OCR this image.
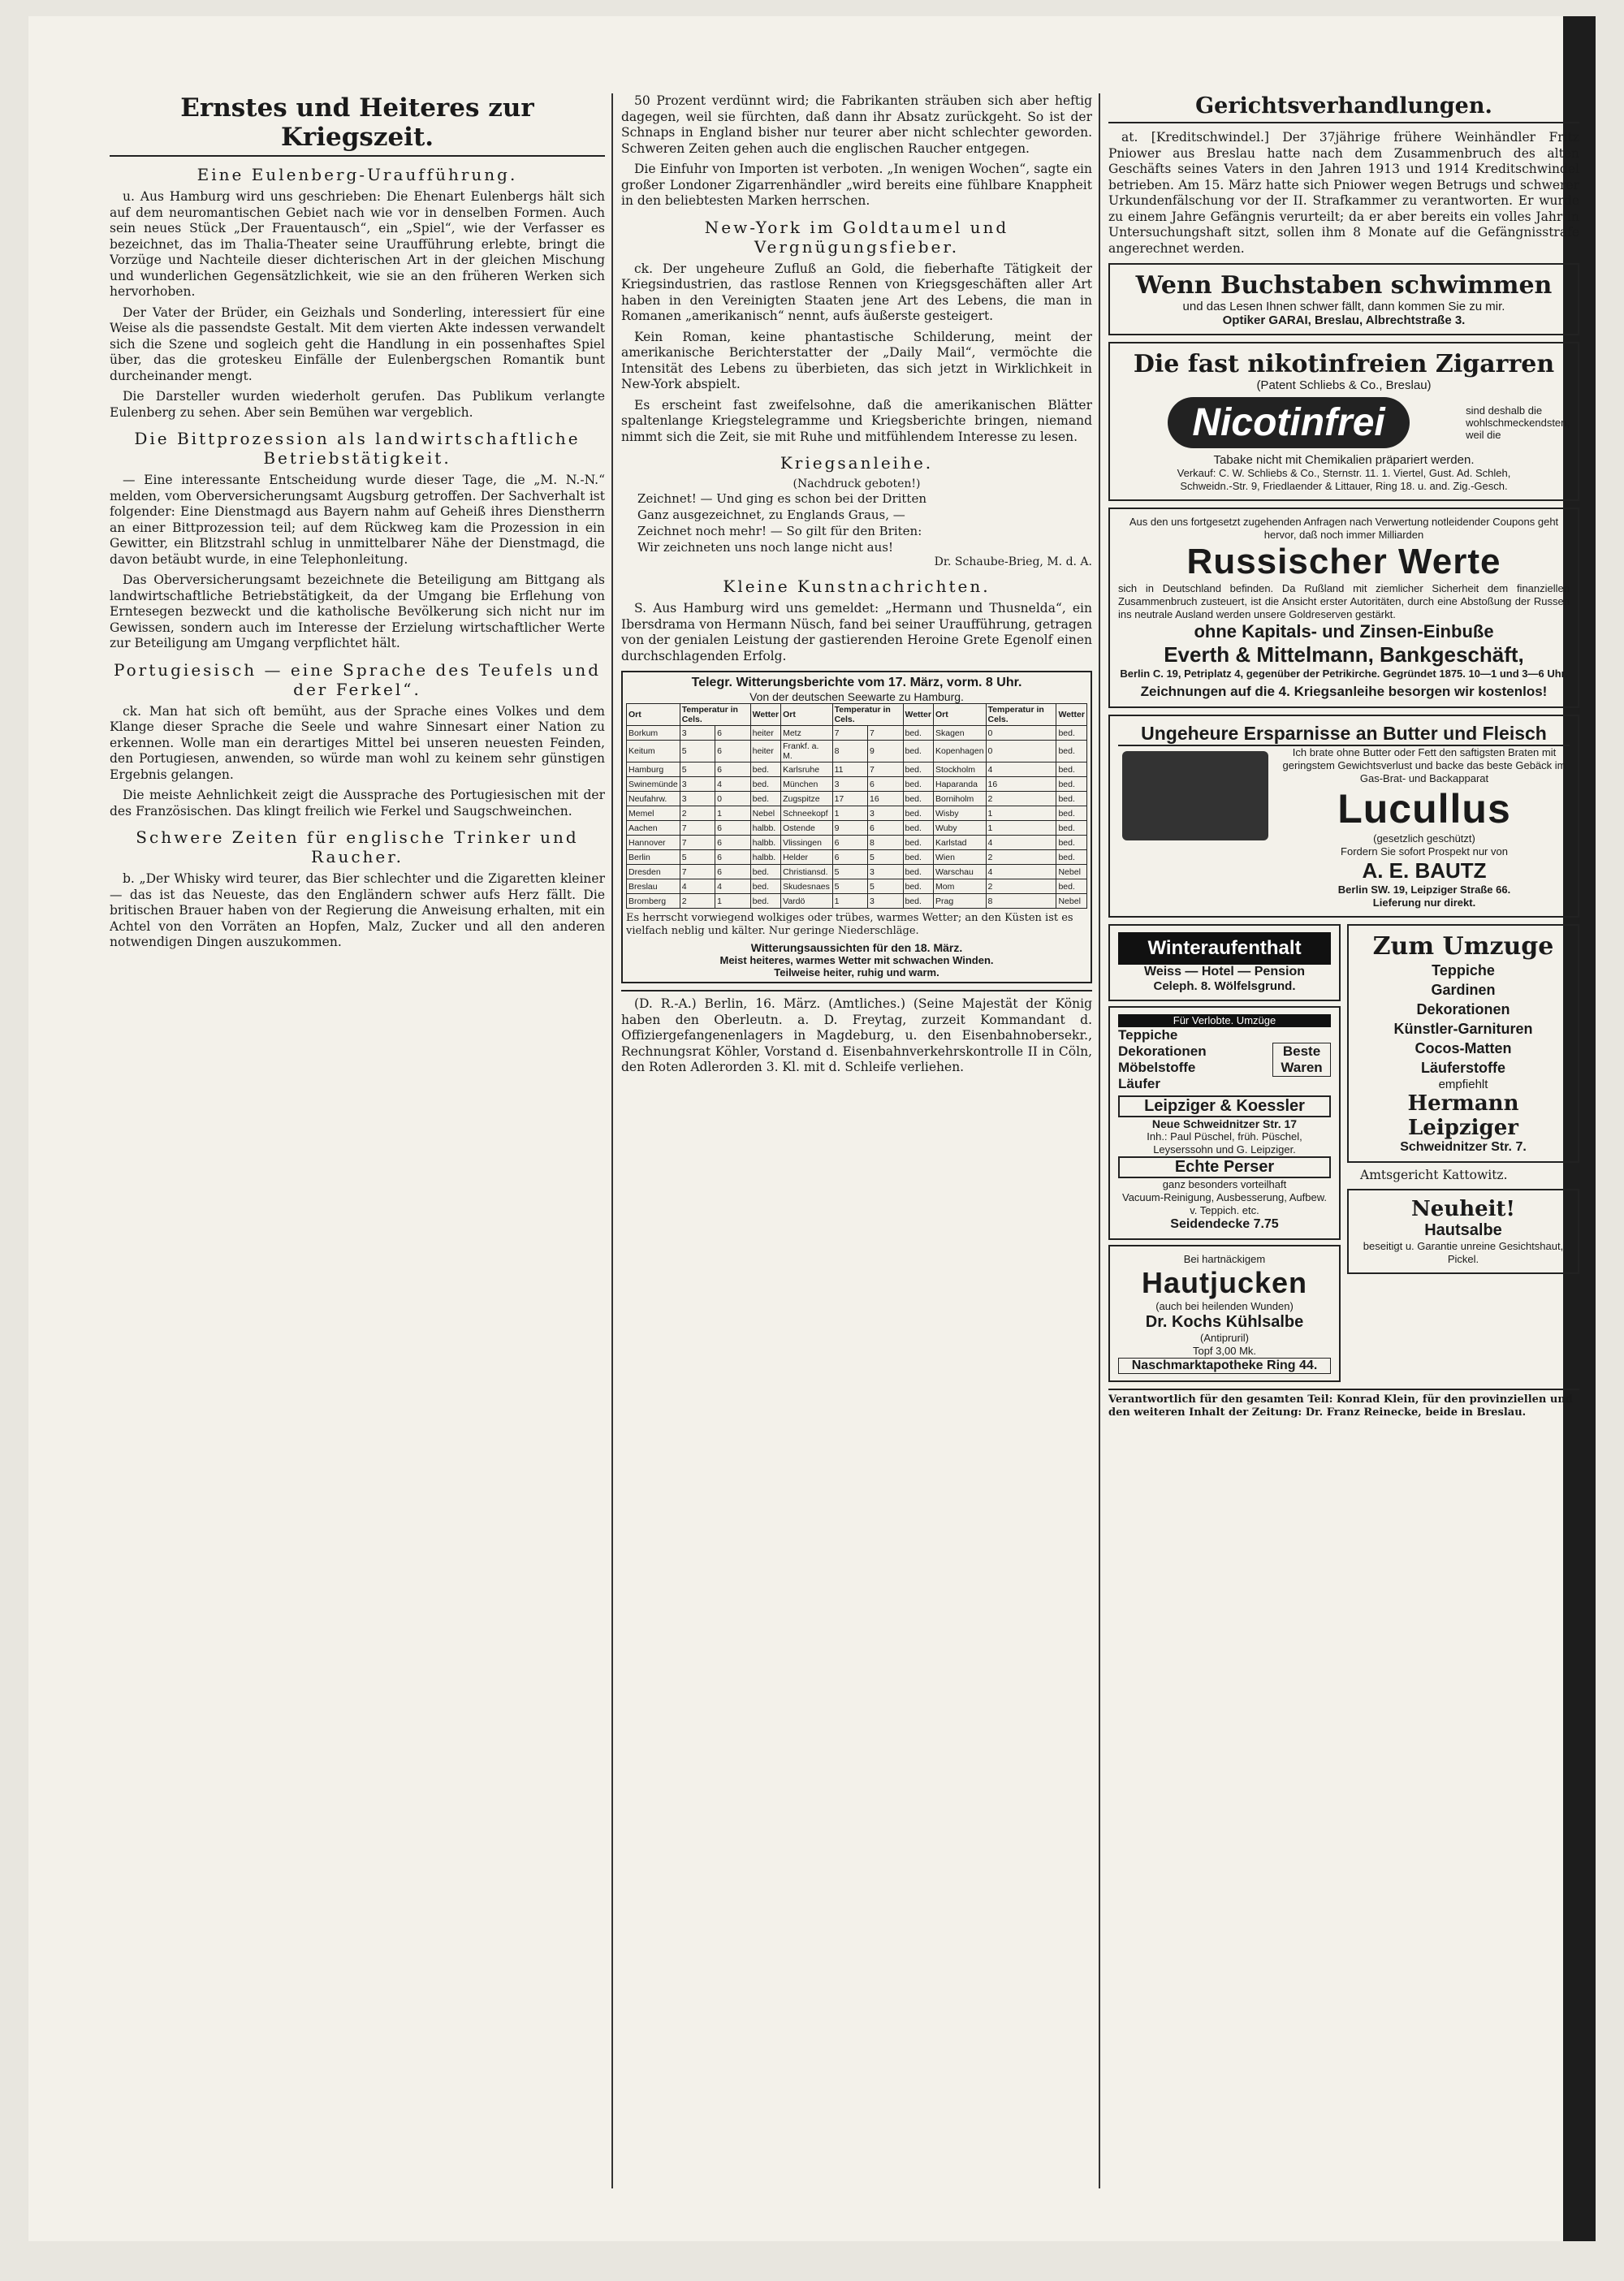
Ernstes und Heiteres zur Kriegszeit.
Eine Eulenberg-Uraufführung.

u. Aus Hamburg wird uns geschrieben: Die Ehenart Eulenbergs hält sich auf dem neuromantischen Gebiet nach wie vor in denselben Formen. Auch sein neues Stück „Der Frauentausch“, ein „Spiel“, wie der Verfasser es bezeichnet, das im Thalia-Theater seine Uraufführung erlebte, bringt die Vorzüge und Nachteile dieser dichterischen Art in der gleichen Mischung und wunderlichen Gegensätzlichkeit, wie sie an den früheren Werken sich hervorhoben.

Der Vater der Brüder, ein Geizhals und Sonderling, interessiert für eine Weise als die passendste Gestalt. Mit dem vierten Akte indessen verwandelt sich die Szene und sogleich geht die Handlung in ein possenhaftes Spiel über, das die groteskeu Einfälle der Eulenbergschen Romantik bunt durcheinander mengt.

Die Darsteller wurden wiederholt gerufen. Das Publikum verlangte Eulenberg zu sehen. Aber sein Bemühen war vergeblich.

Die Bittprozession als landwirtschaftliche Betriebstätigkeit.

— Eine interessante Entscheidung wurde dieser Tage, die „M. N.-N.“ melden, vom Oberversicherungsamt Augsburg getroffen. Der Sachverhalt ist folgender: Eine Dienstmagd aus Bayern nahm auf Geheiß ihres Dienstherrn an einer Bittprozession teil; auf dem Rückweg kam die Prozession in ein Gewitter, ein Blitzstrahl schlug in unmittelbarer Nähe der Dienstmagd, die davon betäubt wurde, in eine Telephonleitung.

Das Oberversicherungsamt bezeichnete die Beteiligung am Bittgang als landwirtschaftliche Betriebstätigkeit, da der Umgang bie Erflehung von Erntesegen bezweckt und die katholische Bevölkerung sich nicht nur im Gewissen, sondern auch im Interesse der Erzielung wirtschaftlicher Werte zur Beteiligung am Umgang verpflichtet hält.

Portugiesisch — eine Sprache des Teufels und der Ferkel“.

ck. Man hat sich oft bemüht, aus der Sprache eines Volkes und dem Klange dieser Sprache die Seele und wahre Sinnesart einer Nation zu erkennen. Wolle man ein derartiges Mittel bei unseren neuesten Feinden, den Portugiesen, anwenden, so würde man wohl zu keinem sehr günstigen Ergebnis gelangen.

Die meiste Aehnlichkeit zeigt die Aussprache des Portugiesischen mit der des Französischen. Das klingt freilich wie Ferkel und Saugschweinchen.

Schwere Zeiten für englische Trinker und Raucher.

b. „Der Whisky wird teurer, das Bier schlechter und die Zigaretten kleiner — das ist das Neueste, das den Engländern schwer aufs Herz fällt. Die britischen Brauer haben von der Regierung die Anweisung erhalten, mit ein Achtel von den Vorräten an Hopfen, Malz, Zucker und all den anderen notwendigen Dingen auszukommen.

50 Prozent verdünnt wird; die Fabrikanten sträuben sich aber heftig dagegen, weil sie fürchten, daß dann ihr Absatz zurückgeht. So ist der Schnaps in England bisher nur teurer aber nicht schlechter geworden. Schweren Zeiten gehen auch die englischen Raucher entgegen.

Die Einfuhr von Importen ist verboten. „In wenigen Wochen“, sagte ein großer Londoner Zigarrenhändler „wird bereits eine fühlbare Knappheit in den beliebtesten Marken herrschen.

New-York im Goldtaumel und Vergnügungsfieber.

ck. Der ungeheure Zufluß an Gold, die fieberhafte Tätigkeit der Kriegsindustrien, das rastlose Rennen von Kriegsgeschäften aller Art haben in den Vereinigten Staaten jene Art des Lebens, die man in Romanen „amerikanisch“ nennt, aufs äußerste gesteigert.

Kein Roman, keine phantastische Schilderung, meint der amerikanische Berichterstatter der „Daily Mail“, vermöchte die Intensität des Lebens zu überbieten, das sich jetzt in Wirklichkeit in New-York abspielt.

Es erscheint fast zweifelsohne, daß die amerikanischen Blätter spaltenlange Kriegstelegramme und Kriegsberichte bringen, niemand nimmt sich die Zeit, sie mit Ruhe und mitfühlendem Interesse zu lesen.

Kriegsanleihe.
(Nachdruck geboten!)
Zeichnet! — Und ging es schon bei der Dritten
Ganz ausgezeichnet, zu Englands Graus, —
Zeichnet noch mehr! — So gilt für den Briten:
Wir zeichneten uns noch lange nicht aus!
Dr. Schaube-Brieg, M. d. A.
Kleine Kunstnachrichten.

S. Aus Hamburg wird uns gemeldet: „Hermann und Thusnelda“, ein Ibersdrama von Hermann Nüsch, fand bei seiner Uraufführung, getragen von der genialen Leistung der gastierenden Heroine Grete Egenolf einen durchschlagenden Erfolg.

Telegr. Witterungsberichte vom 17. März, vorm. 8 Uhr.
Von der deutschen Seewarte zu Hamburg.
Ort	Temperatur in Cels.		Wetter	Ort	Temperatur in Cels.		Wetter	Ort	Temperatur in Cels.	Wetter
Borkum	3	6	heiter	Metz	7	7	bed.	Skagen	0	bed.
Keitum	5	6	heiter	Frankf. a. M.	8	9	bed.	Kopenhagen	0	bed.
Hamburg	5	6	bed.	Karlsruhe	11	7	bed.	Stockholm	4	bed.
Swinemünde	3	4	bed.	München	3	6	bed.	Haparanda	16	bed.
Neufahrw.	3	0	bed.	Zugspitze	17	16	bed.	Borniholm	2	bed.
Memel	2	1	Nebel	Schneekopf	1	3	bed.	Wisby	1	bed.
Aachen	7	6	halbb.	Ostende	9	6	bed.	Wuby	1	bed.
Hannover	7	6	halbb.	Vlissingen	6	8	bed.	Karlstad	4	bed.
Berlin	5	6	halbb.	Helder	6	5	bed.	Wien	2	bed.
Dresden	7	6	bed.	Christiansd.	5	3	bed.	Warschau	4	Nebel
Breslau	4	4	bed.	Skudesnaes	5	5	bed.	Mom	2	bed.
Bromberg	2	1	bed.	Vardö	1	3	bed.	Prag	8	Nebel
Es herrscht vorwiegend wolkiges oder trübes, warmes Wetter; an den Küsten ist es vielfach neblig und kälter. Nur geringe Niederschläge.
Witterungsaussichten für den 18. März.
Meist heiteres, warmes Wetter mit schwachen Winden.
Teilweise heiter, ruhig und warm.

(D. R.-A.) Berlin, 16. März. (Amtliches.) (Seine Majestät der König haben den Oberleutn. a. D. Freytag, zurzeit Kommandant d. Offiziergefangenenlagers in Magdeburg, u. den Eisenbahnobersekr., Rechnungsrat Köhler, Vorstand d. Eisenbahnverkehrskontrolle II in Cöln, den Roten Adlerorden 3. Kl. mit d. Schleife verliehen.

Gerichtsverhandlungen.

at. [Kreditschwindel.] Der 37jährige frühere Weinhändler Fritz Pniower aus Breslau hatte nach dem Zusammenbruch des alten Geschäfts seines Vaters in den Jahren 1913 und 1914 Kreditschwindel betrieben. Am 15. März hatte sich Pniower wegen Betrugs und schwerer Urkundenfälschung vor der II. Strafkammer zu verantworten. Er wurde zu einem Jahre Gefängnis verurteilt; da er aber bereits ein volles Jahr in Untersuchungshaft sitzt, sollen ihm 8 Monate auf die Gefängnisstrafe angerechnet werden.

Wenn Buchstaben schwimmen
und das Lesen Ihnen schwer fällt, dann kommen Sie zu mir.
Optiker GARAI, Breslau, Albrechtstraße 3.
Die fast nikotinfreien Zigarren
(Patent Schliebs & Co., Breslau)
Nicotinfrei	sind deshalb die wohlschmeckendsten, weil die
Tabake nicht mit Chemikalien präpariert werden.
Verkauf: C. W. Schliebs & Co., Sternstr. 11. 1. Viertel, Gust. Ad. Schleh,
Schweidn.-Str. 9, Friedlaender & Littauer, Ring 18. u. and. Zig.-Gesch.
Aus den uns fortgesetzt zugehenden Anfragen nach Verwertung notleidender Coupons geht hervor, daß noch immer Milliarden
Russischer Werte
sich in Deutschland befinden. Da Rußland mit ziemlicher Sicherheit dem finanziellen Zusammenbruch zusteuert, ist die Ansicht erster Autoritäten, durch eine Abstoßung der Russen ins neutrale Ausland werden unsere Goldreserven gestärkt.
ohne Kapitals- und Zinsen-Einbuße
Everth & Mittelmann, Bankgeschäft,
Berlin C. 19, Petriplatz 4, gegenüber der Petrikirche. Gegründet 1875. 10—1 und 3—6 Uhr.
Zeichnungen auf die 4. Kriegsanleihe besorgen wir kostenlos!
Ungeheure Ersparnisse an Butter und Fleisch
Ich brate ohne Butter oder Fett den saftigsten Braten mit geringstem Gewichtsverlust und backe das beste Gebäck im Gas-Brat- und Backapparat
Lucullus
(gesetzlich geschützt)
Fordern Sie sofort Prospekt nur von
A. E. BAUTZ
Berlin SW. 19, Leipziger Straße 66.
Lieferung nur direkt.
Winteraufenthalt
Weiss — Hotel — Pension
Celeph. 8. Wölfelsgrund.
Für Verlobte. Umzüge
Teppiche
Dekorationen
Möbelstoffe
Läufer
Beste Waren
Leipziger & Koessler
Neue Schweidnitzer Str. 17
Inh.: Paul Püschel, früh. Püschel, Leyserssohn und G. Leipziger.
Echte Perser
ganz besonders vorteilhaft
Vacuum-Reinigung, Ausbesserung, Aufbew. v. Teppich. etc.
Seidendecke 7.75
Bei hartnäckigem
Hautjucken
(auch bei heilenden Wunden)
Dr. Kochs Kühlsalbe
(Antipruril)
Topf 3,00 Mk.
Naschmarktapotheke Ring 44.
Zum Umzuge
Teppiche
Gardinen
Dekorationen
Künstler-Garnituren
Cocos-Matten
Läuferstoffe
empfiehlt
Hermann Leipziger
Schweidnitzer Str. 7.

Amtsgericht Kattowitz.

Neuheit!
Hautsalbe
beseitigt u. Garantie unreine Gesichtshaut, Pickel.
Verantwortlich für den gesamten Teil: Konrad Klein, für den provinziellen und den weiteren Inhalt der Zeitung: Dr. Franz Reinecke, beide in Breslau.
